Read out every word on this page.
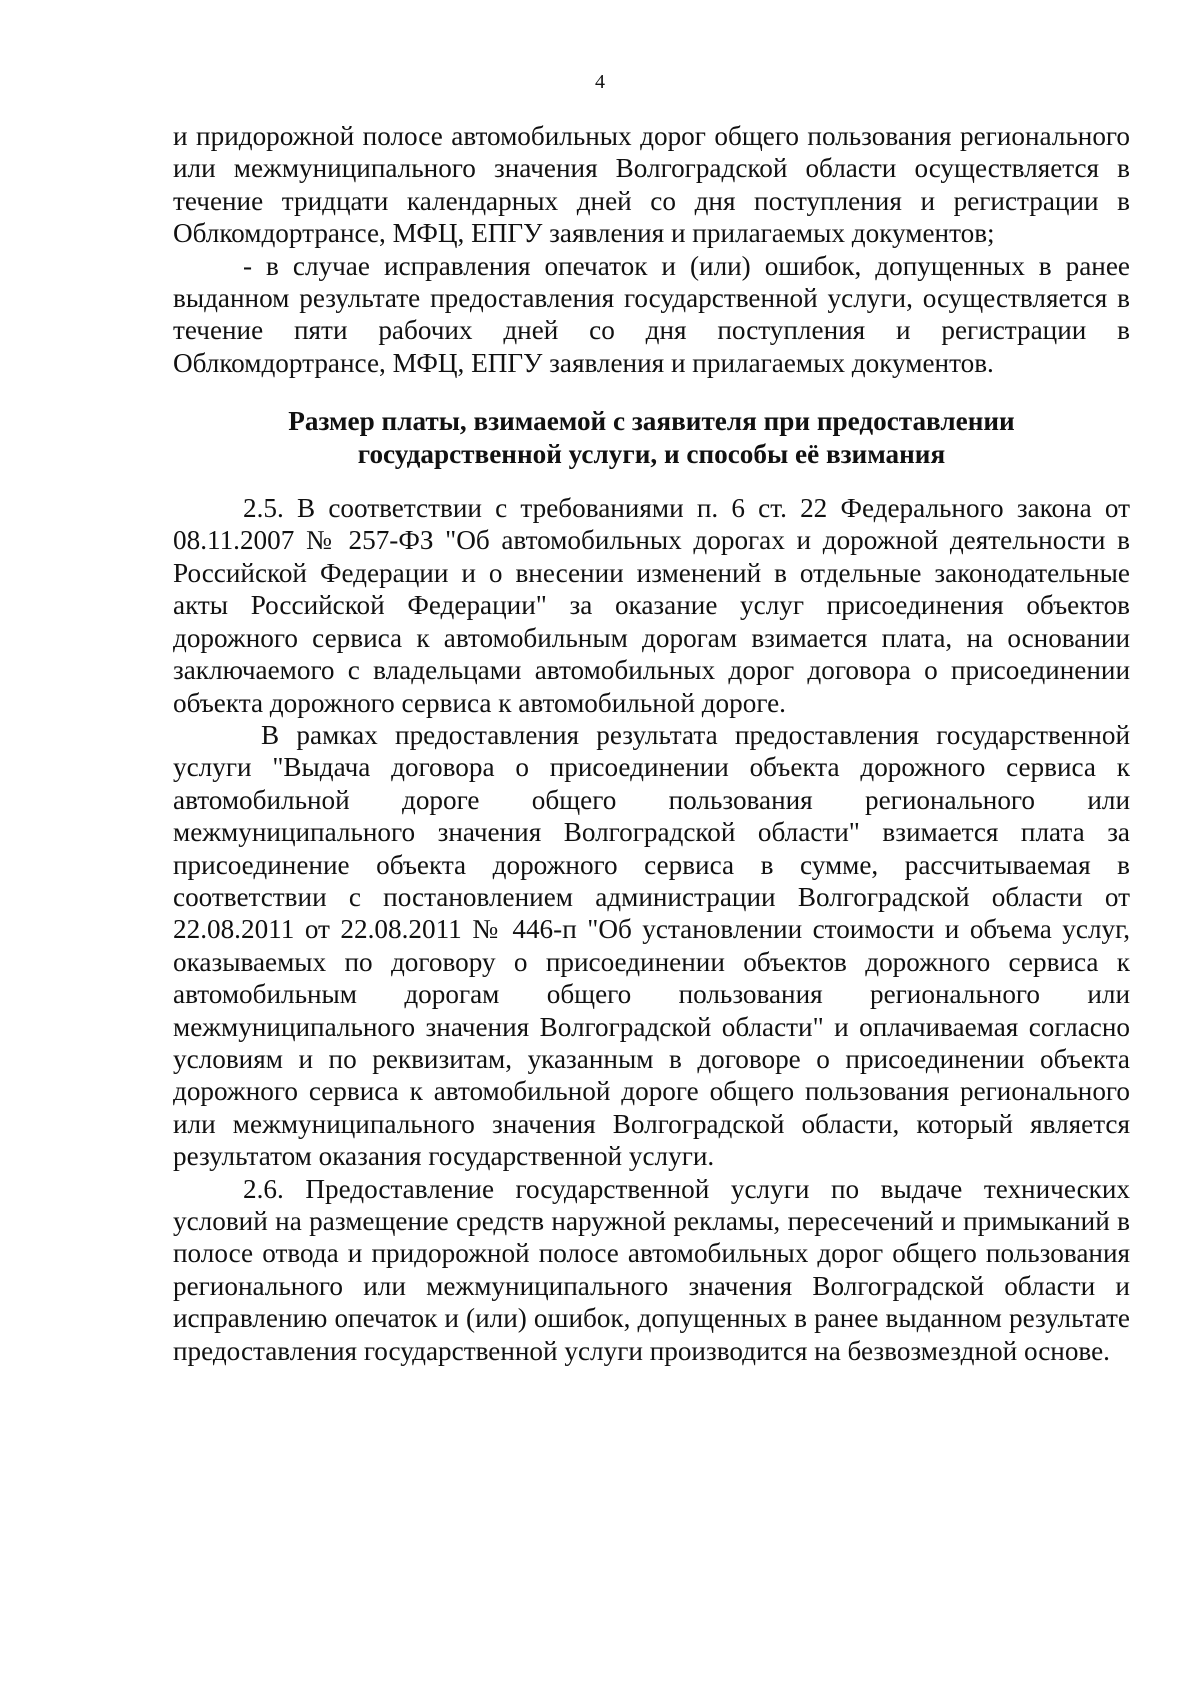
4

и придорожной полосе автомобильных дорог общего пользования регионального или межмуниципального значения Волгоградской области осуществляется в течение тридцати календарных дней со дня поступления и регистрации в Облкомдортрансе, МФЦ, ЕПГУ заявления и прилагаемых документов;

- в случае исправления опечаток и (или) ошибок, допущенных в ранее выданном результате предоставления государственной услуги, осуществляется в течение пяти рабочих дней со дня поступления и регистрации в Облкомдортрансе, МФЦ, ЕПГУ заявления и прилагаемых документов.

Размер платы, взимаемой с заявителя при предоставлении
государственной услуги, и способы её взимания

2.5. В соответствии с требованиями п. 6 ст. 22 Федерального закона от 08.11.2007 № 257-ФЗ "Об автомобильных дорогах и дорожной деятельности в Российской Федерации и о внесении изменений в отдельные законодательные акты Российской Федерации" за оказание услуг присоединения объектов дорожного сервиса к автомобильным дорогам взимается плата, на основании заключаемого с владельцами автомобильных дорог договора о присоединении объекта дорожного сервиса к автомобильной дороге.

В рамках предоставления результата предоставления государственной услуги "Выдача договора о присоединении объекта дорожного сервиса к автомобильной дороге общего пользования регионального или межмуниципального значения Волгоградской области" взимается плата за присоединение объекта дорожного сервиса в сумме, рассчитываемая в соответствии с постановлением администрации Волгоградской области от 22.08.2011 от 22.08.2011 № 446-п "Об установлении стоимости и объема услуг, оказываемых по договору о присоединении объектов дорожного сервиса к автомобильным дорогам общего пользования регионального или межмуниципального значения Волгоградской области" и оплачиваемая согласно условиям и по реквизитам, указанным в договоре о присоединении объекта дорожного сервиса к автомобильной дороге общего пользования регионального или межмуниципального значения Волгоградской области, который является результатом оказания государственной услуги.

2.6. Предоставление государственной услуги по выдаче технических условий на размещение средств наружной рекламы, пересечений и примыканий в полосе отвода и придорожной полосе автомобильных дорог общего пользования регионального или межмуниципального значения Волгоградской области и исправлению опечаток и (или) ошибок, допущенных в ранее выданном результате предоставления государственной услуги производится на безвозмездной основе.
